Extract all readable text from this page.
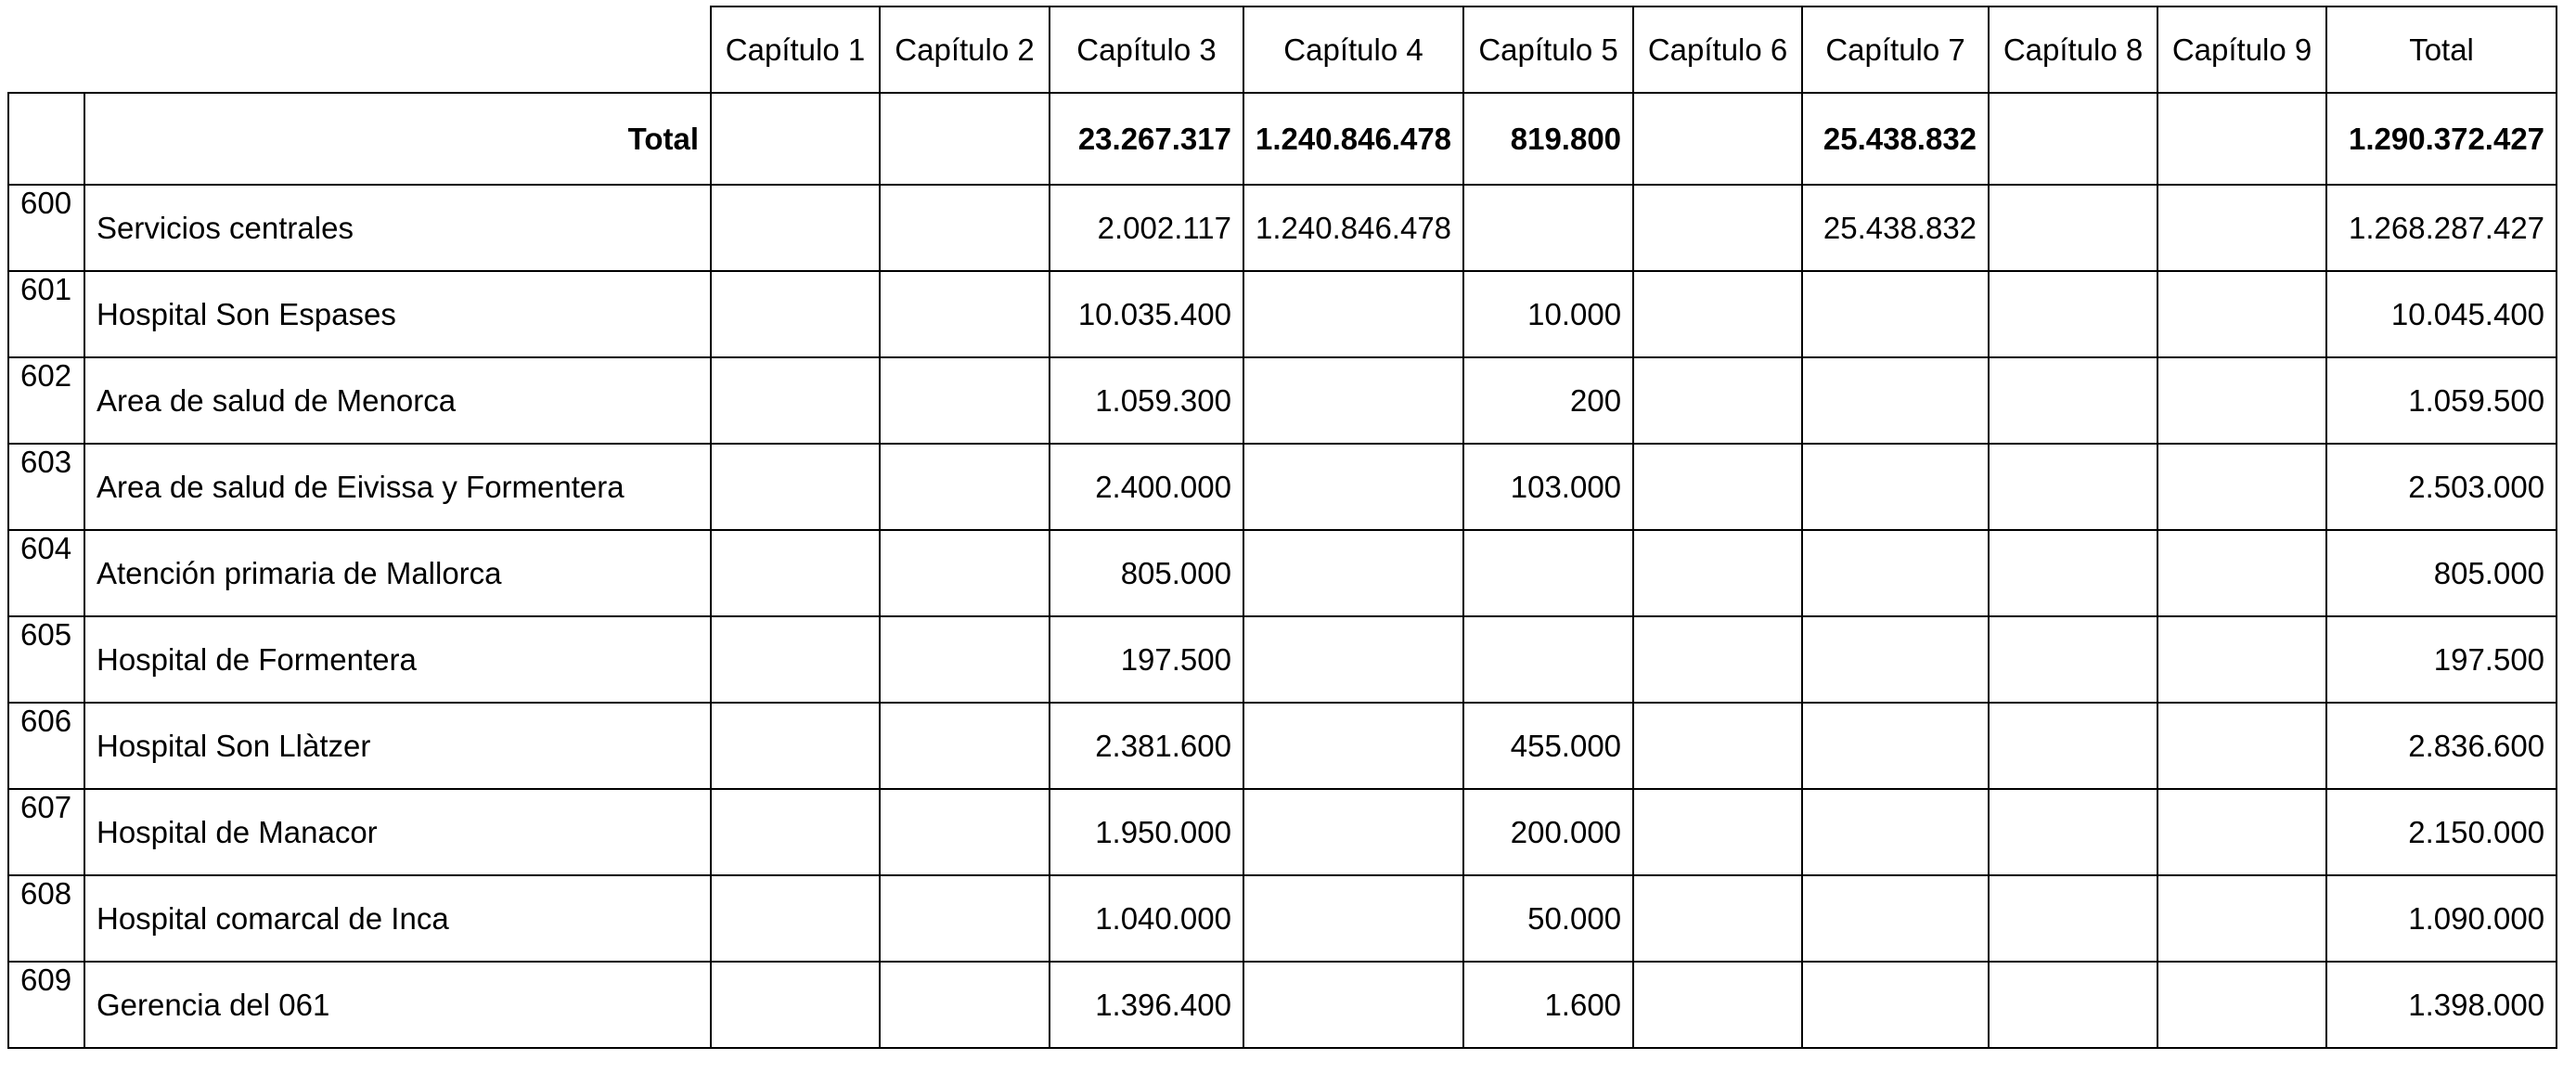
		Capítulo 1	Capítulo 2	Capítulo 3	Capítulo 4	Capítulo 5	Capítulo 6	Capítulo 7	Capítulo 8	Capítulo 9	Total
	Total			23.267.317	1.240.846.478	819.800		25.438.832			1.290.372.427
600	Servicios centrales			2.002.117	1.240.846.478			25.438.832			1.268.287.427
601	Hospital Son Espases			10.035.400		10.000					10.045.400
602	Area de salud de Menorca			1.059.300		200					1.059.500
603	Area de salud de Eivissa y Formentera			2.400.000		103.000					2.503.000
604	Atención primaria de Mallorca			805.000							805.000
605	Hospital de Formentera			197.500							197.500
606	Hospital Son Llàtzer			2.381.600		455.000					2.836.600
607	Hospital de Manacor			1.950.000		200.000					2.150.000
608	Hospital comarcal de Inca			1.040.000		50.000					1.090.000
609	Gerencia del 061			1.396.400		1.600					1.398.000
